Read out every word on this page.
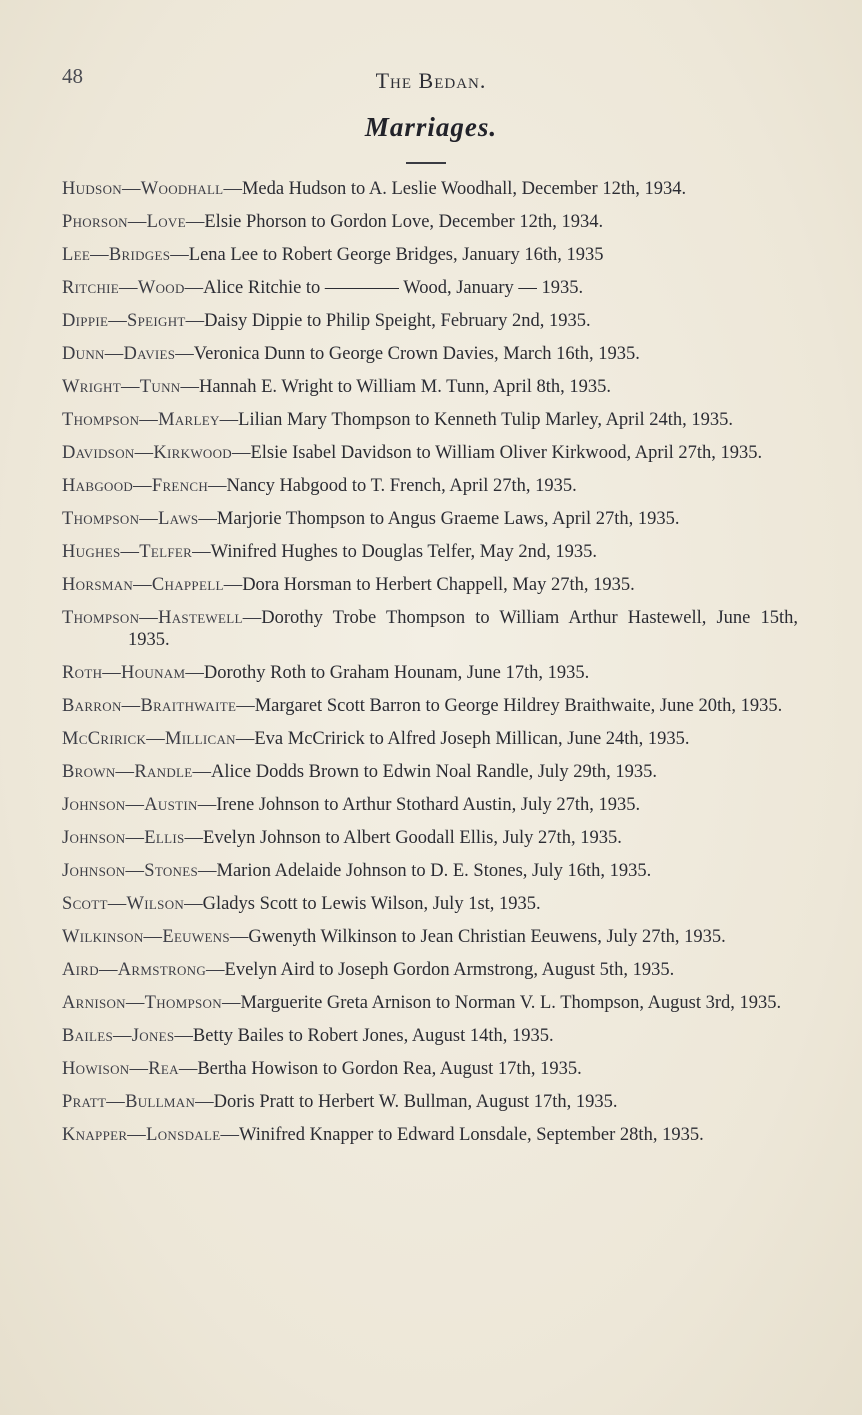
48	The Bedan.
Marriages.
Hudson—Woodhall—Meda Hudson to A. Leslie Woodhall, December 12th, 1934.
Phorson—Love—Elsie Phorson to Gordon Love, December 12th, 1934.
Lee—Bridges—Lena Lee to Robert George Bridges, January 16th, 1935
Ritchie—Wood—Alice Ritchie to ———— Wood, January — 1935.
Dippie—Speight—Daisy Dippie to Philip Speight, February 2nd, 1935.
Dunn—Davies—Veronica Dunn to George Crown Davies, March 16th, 1935.
Wright—Tunn—Hannah E. Wright to William M. Tunn, April 8th, 1935.
Thompson—Marley—Lilian Mary Thompson to Kenneth Tulip Marley, April 24th, 1935.
Davidson—Kirkwood—Elsie Isabel Davidson to William Oliver Kirkwood, April 27th, 1935.
Habgood—French—Nancy Habgood to T. French, April 27th, 1935.
Thompson—Laws—Marjorie Thompson to Angus Graeme Laws, April 27th, 1935.
Hughes—Telfer—Winifred Hughes to Douglas Telfer, May 2nd, 1935.
Horsman—Chappell—Dora Horsman to Herbert Chappell, May 27th, 1935.
Thompson—Hastewell—Dorothy Trobe Thompson to William Arthur Hastewell, June 15th, 1935.
Roth—Hounam—Dorothy Roth to Graham Hounam, June 17th, 1935.
Barron—Braithwaite—Margaret Scott Barron to George Hildrey Braithwaite, June 20th, 1935.
McCririck—Millican—Eva McCririck to Alfred Joseph Millican, June 24th, 1935.
Brown—Randle—Alice Dodds Brown to Edwin Noal Randle, July 29th, 1935.
Johnson—Austin—Irene Johnson to Arthur Stothard Austin, July 27th, 1935.
Johnson—Ellis—Evelyn Johnson to Albert Goodall Ellis, July 27th, 1935.
Johnson—Stones—Marion Adelaide Johnson to D. E. Stones, July 16th, 1935.
Scott—Wilson—Gladys Scott to Lewis Wilson, July 1st, 1935.
Wilkinson—Eeuwens—Gwenyth Wilkinson to Jean Christian Eeuwens, July 27th, 1935.
Aird—Armstrong—Evelyn Aird to Joseph Gordon Armstrong, August 5th, 1935.
Arnison—Thompson—Marguerite Greta Arnison to Norman V. L. Thompson, August 3rd, 1935.
Bailes—Jones—Betty Bailes to Robert Jones, August 14th, 1935.
Howison—Rea—Bertha Howison to Gordon Rea, August 17th, 1935.
Pratt—Bullman—Doris Pratt to Herbert W. Bullman, August 17th, 1935.
Knapper—Lonsdale—Winifred Knapper to Edward Lonsdale, September 28th, 1935.
